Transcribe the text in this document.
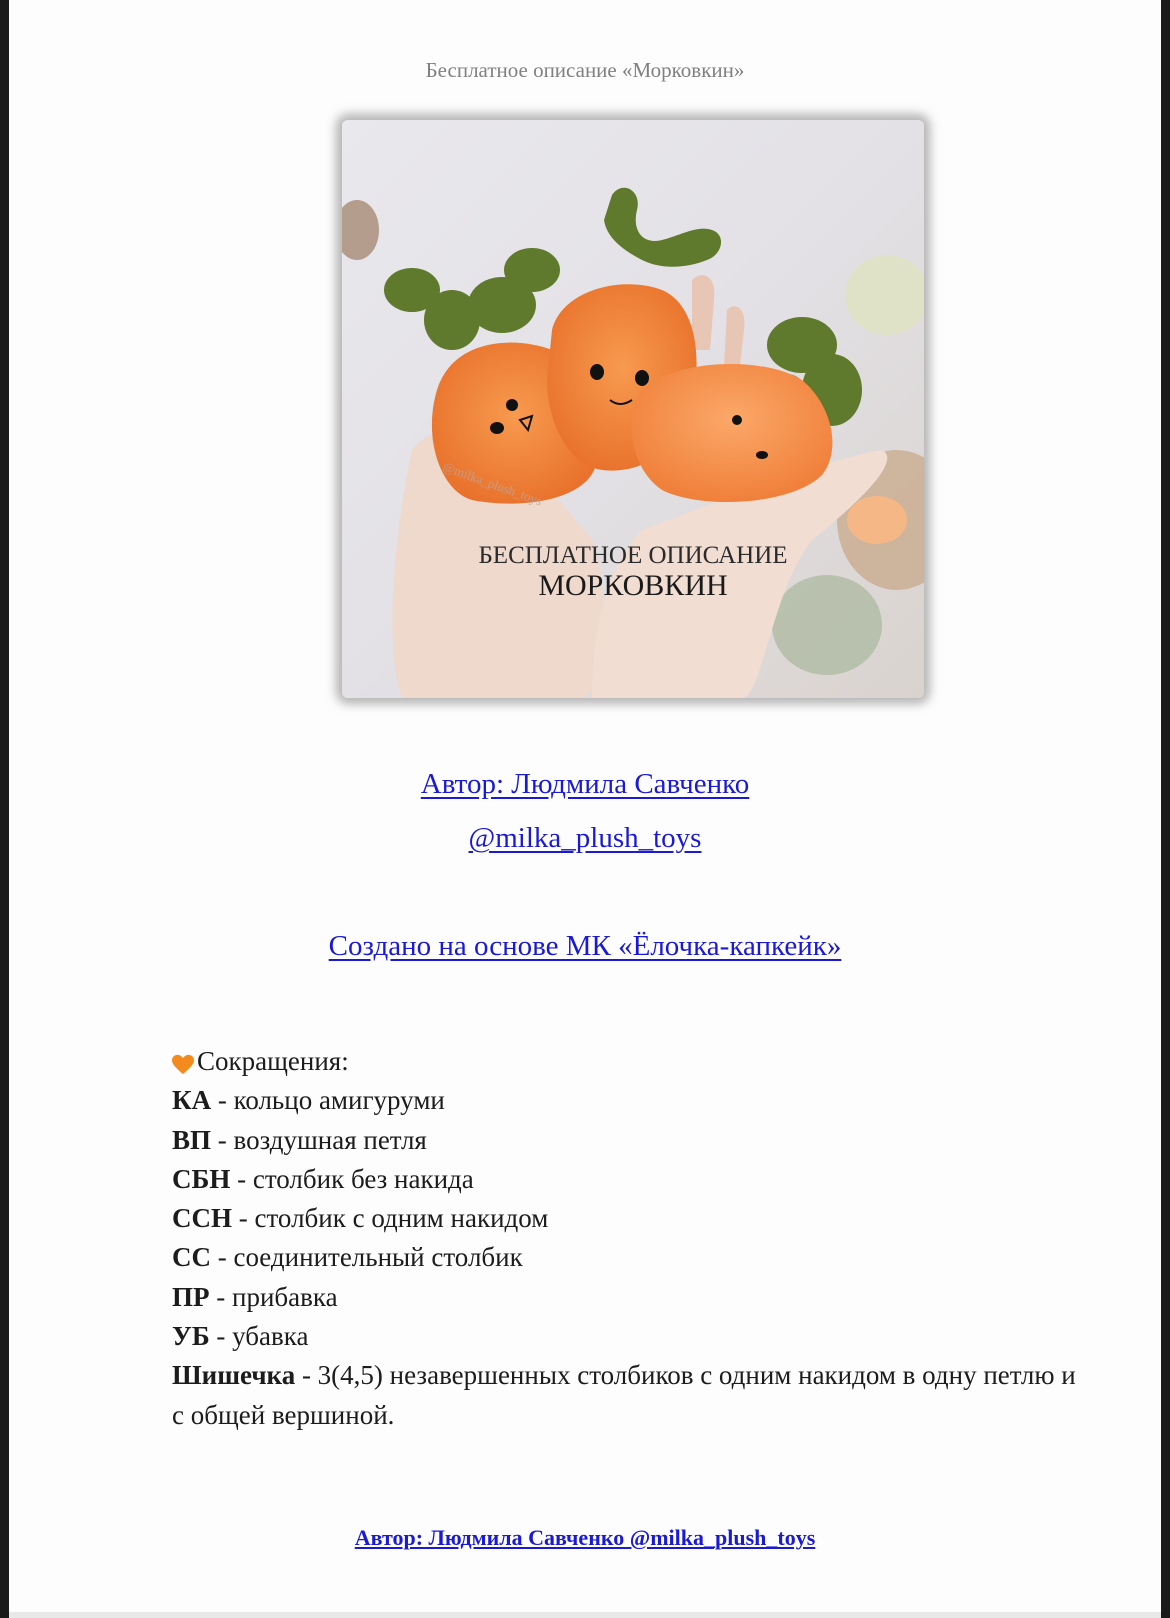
Бесплатное описание «Морковкин»
БЕСПЛАТНОЕ ОПИСАНИЕ
МОРКОВКИН
@milka_plush_toys
Автор: Людмила Савченко
@milka_plush_toys
Создано на основе МК «Ёлочка-капкейк»
Сокращения:
КА - кольцо амигуруми
ВП - воздушная петля
СБН - столбик без накида
ССН - столбик с одним накидом
СС - соединительный столбик
ПР - прибавка
УБ - убавка
Шишечка - 3(4,5) незавершенных столбиков с одним накидом в одну петлю и с общей вершиной.
Автор: Людмила Савченко @milka_plush_toys
